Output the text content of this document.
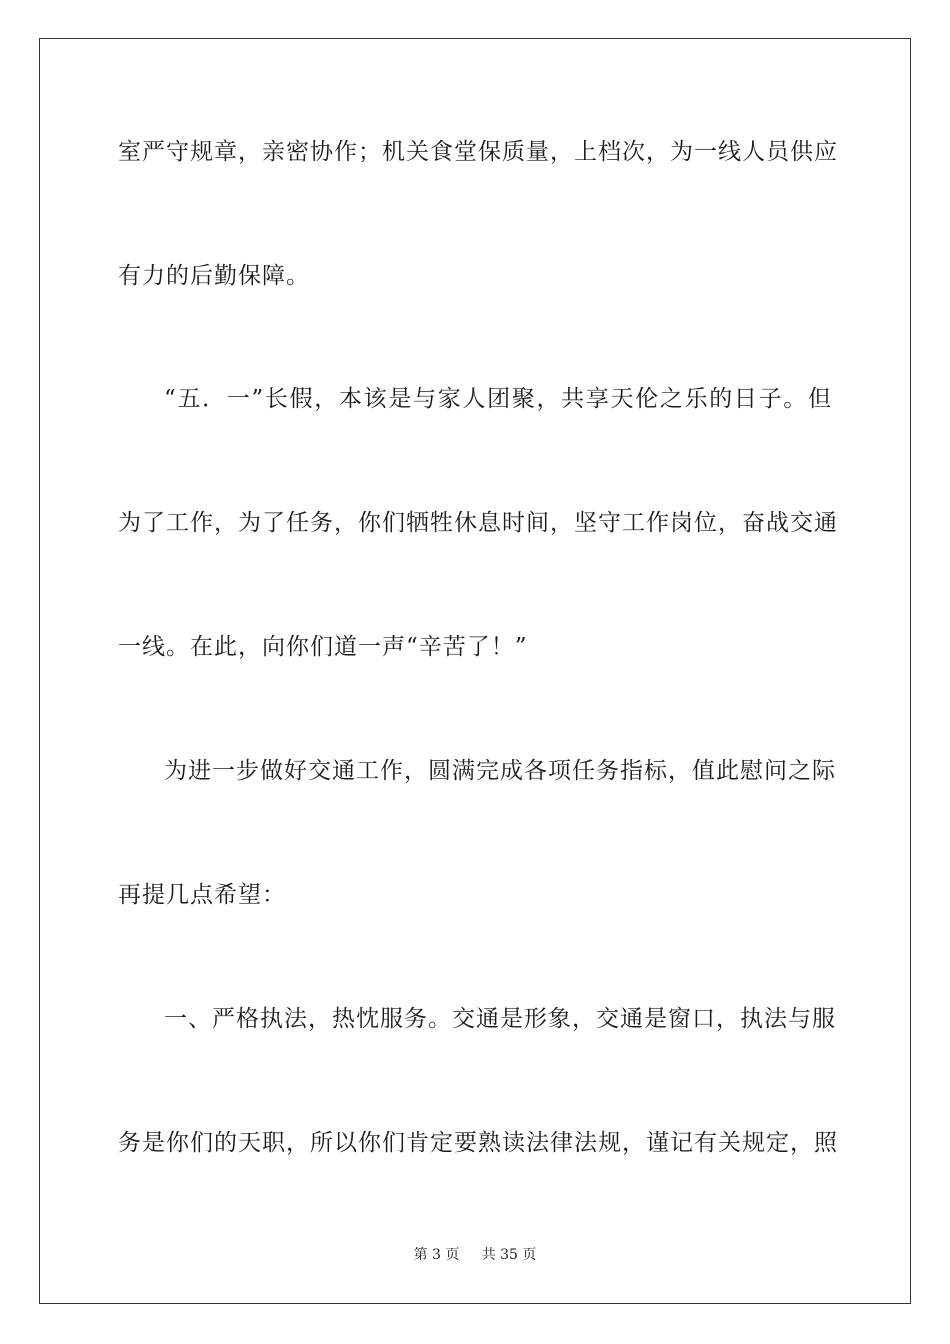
室严守规章，亲密协作；机关食堂保质量，上档次，为一线人员供应
有力的后勤保障。
“五．一”长假，本该是与家人团聚，共享天伦之乐的日子。但
为了工作，为了任务，你们牺牲休息时间，坚守工作岗位，奋战交通
一线。在此，向你们道一声“辛苦了！”
为进一步做好交通工作，圆满完成各项任务指标，值此慰问之际
再提几点希望：
一、严格执法，热忱服务。交通是形象，交通是窗口，执法与服
务是你们的天职，所以你们肯定要熟读法律法规，谨记有关规定，照
第 3 页 共 35 页
